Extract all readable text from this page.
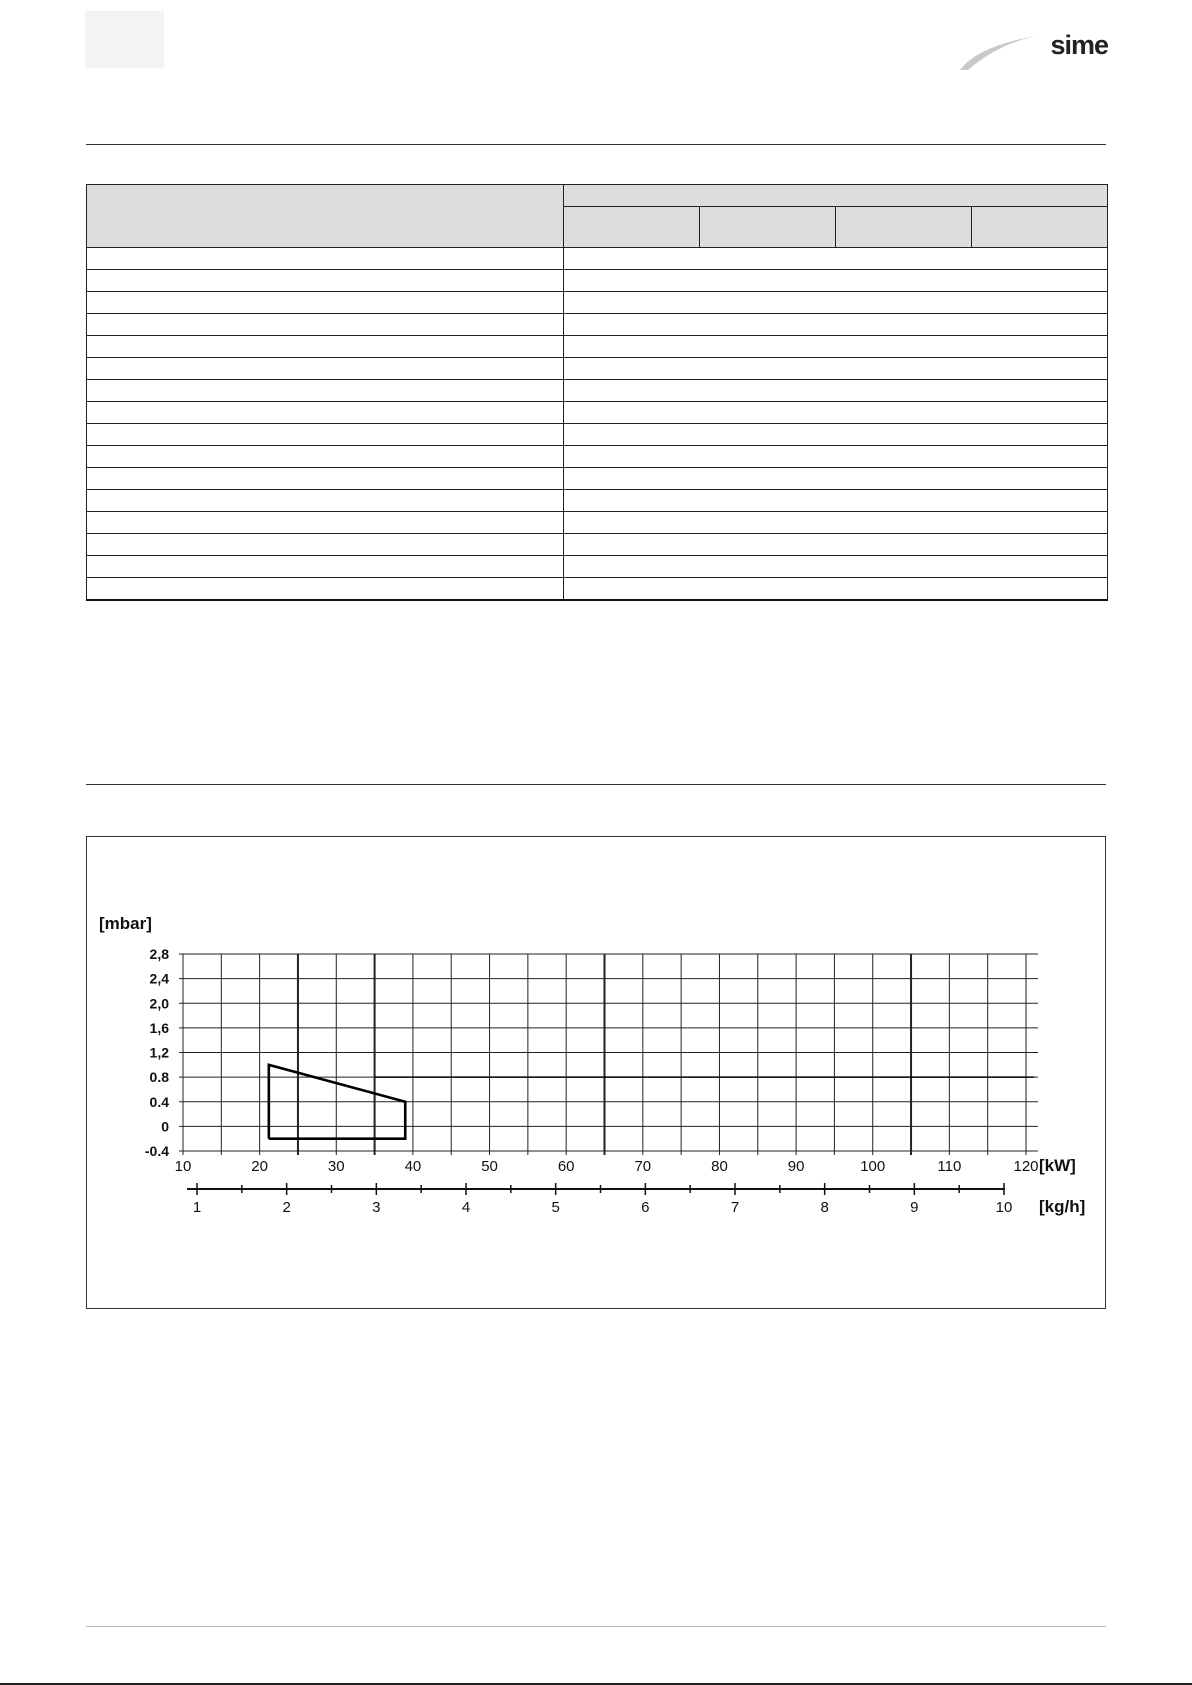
sime

-0.4
0
0.4
0.8
1,2
1,6
2,0
2,4
2,8
10	20	30	40	50	60	70	80	90	100	110	120
[mbar]
[kW]
1	2	3	4	5	6	7	8	9	10 [kg/h]
